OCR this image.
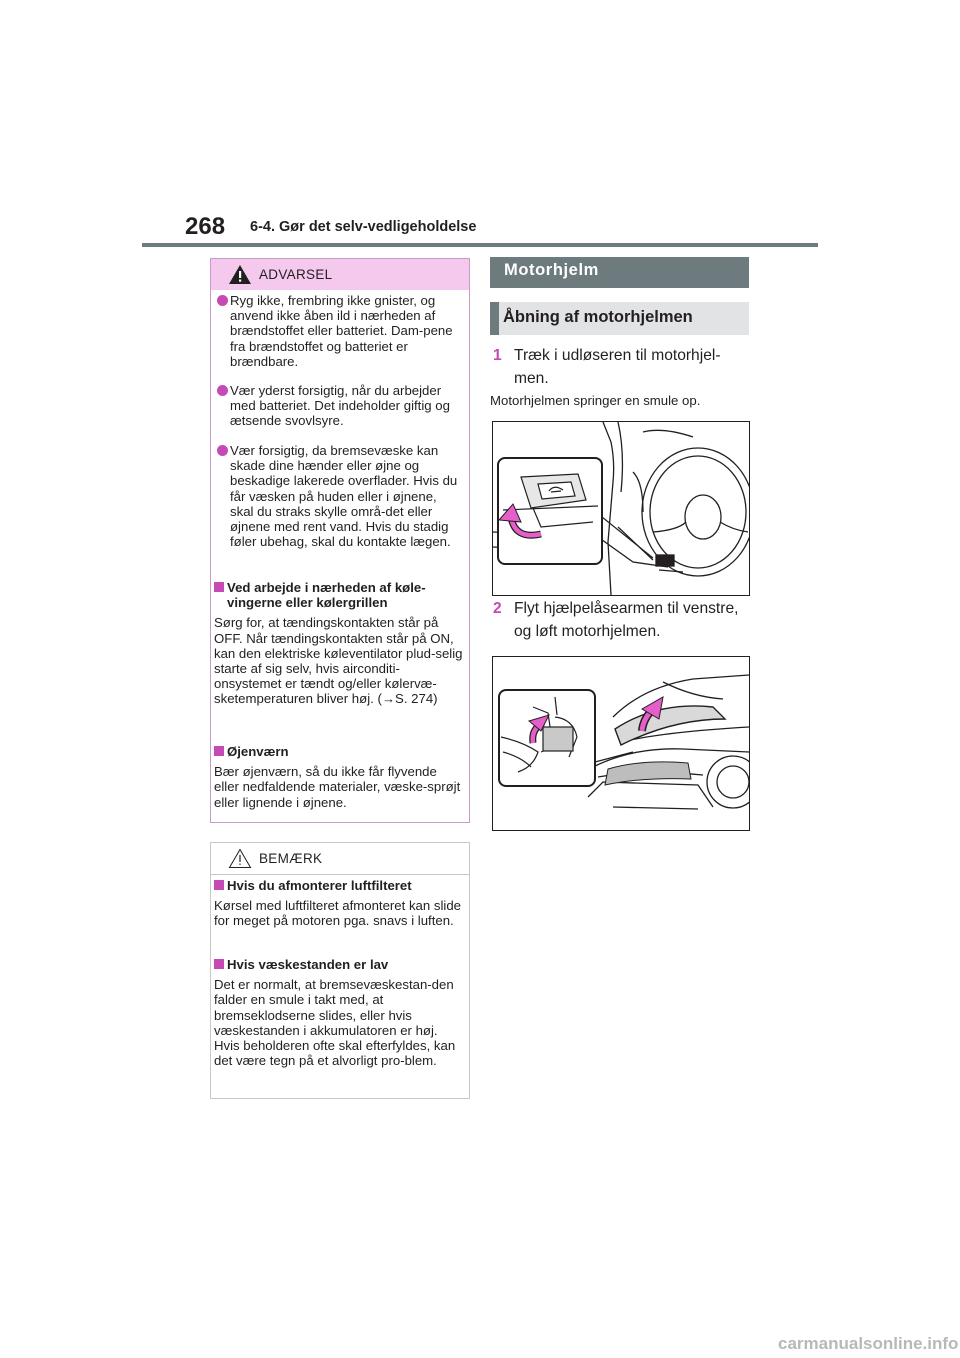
268 6-4. Gør det selv-vedligeholdelse
ADVARSEL
Ryg ikke, frembring ikke gnister, og anvend ikke åben ild i nærheden af brændstoffet eller batteriet. Dam-pene fra brændstoffet og batteriet er brændbare.
Vær yderst forsigtig, når du arbejder med batteriet. Det indeholder giftig og ætsende svovlsyre.
Vær forsigtig, da bremsevæske kan skade dine hænder eller øjne og beskadige lakerede overflader. Hvis du får væsken på huden eller i øjnene, skal du straks skylle områ-det eller øjnene med rent vand. Hvis du stadig føler ubehag, skal du kontakte lægen.
Ved arbejde i nærheden af køle-vingerne eller kølergrillen
Sørg for, at tændingskontakten står på OFF. Når tændingskontakten står på ON, kan den elektriske køleventilator plud-selig starte af sig selv, hvis airconditi-onsystemet er tændt og/eller kølervæ-sketemperaturen bliver høj. (→S. 274)
Øjenværn
Bær øjenværn, så du ikke får flyvende eller nedfaldende materialer, væske-sprøjt eller lignende i øjnene.
BEMÆRK
Hvis du afmonterer luftfilteret
Kørsel med luftfilteret afmonteret kan slide for meget på motoren pga. snavs i luften.
Hvis væskestanden er lav
Det er normalt, at bremsevæskestan-den falder en smule i takt med, at bremseklodserne slides, eller hvis væskestanden i akkumulatoren er høj. Hvis beholderen ofte skal efterfyldes, kan det være tegn på et alvorligt pro-blem.
Motorhjelm
Åbning af motorhjelmen
1 Træk i udløseren til motorhjel-men.
Motorhjelmen springer en smule op.
2 Flyt hjælpelåsearmen til venstre, og løft motorhjelmen.
carmanualsonline.info
